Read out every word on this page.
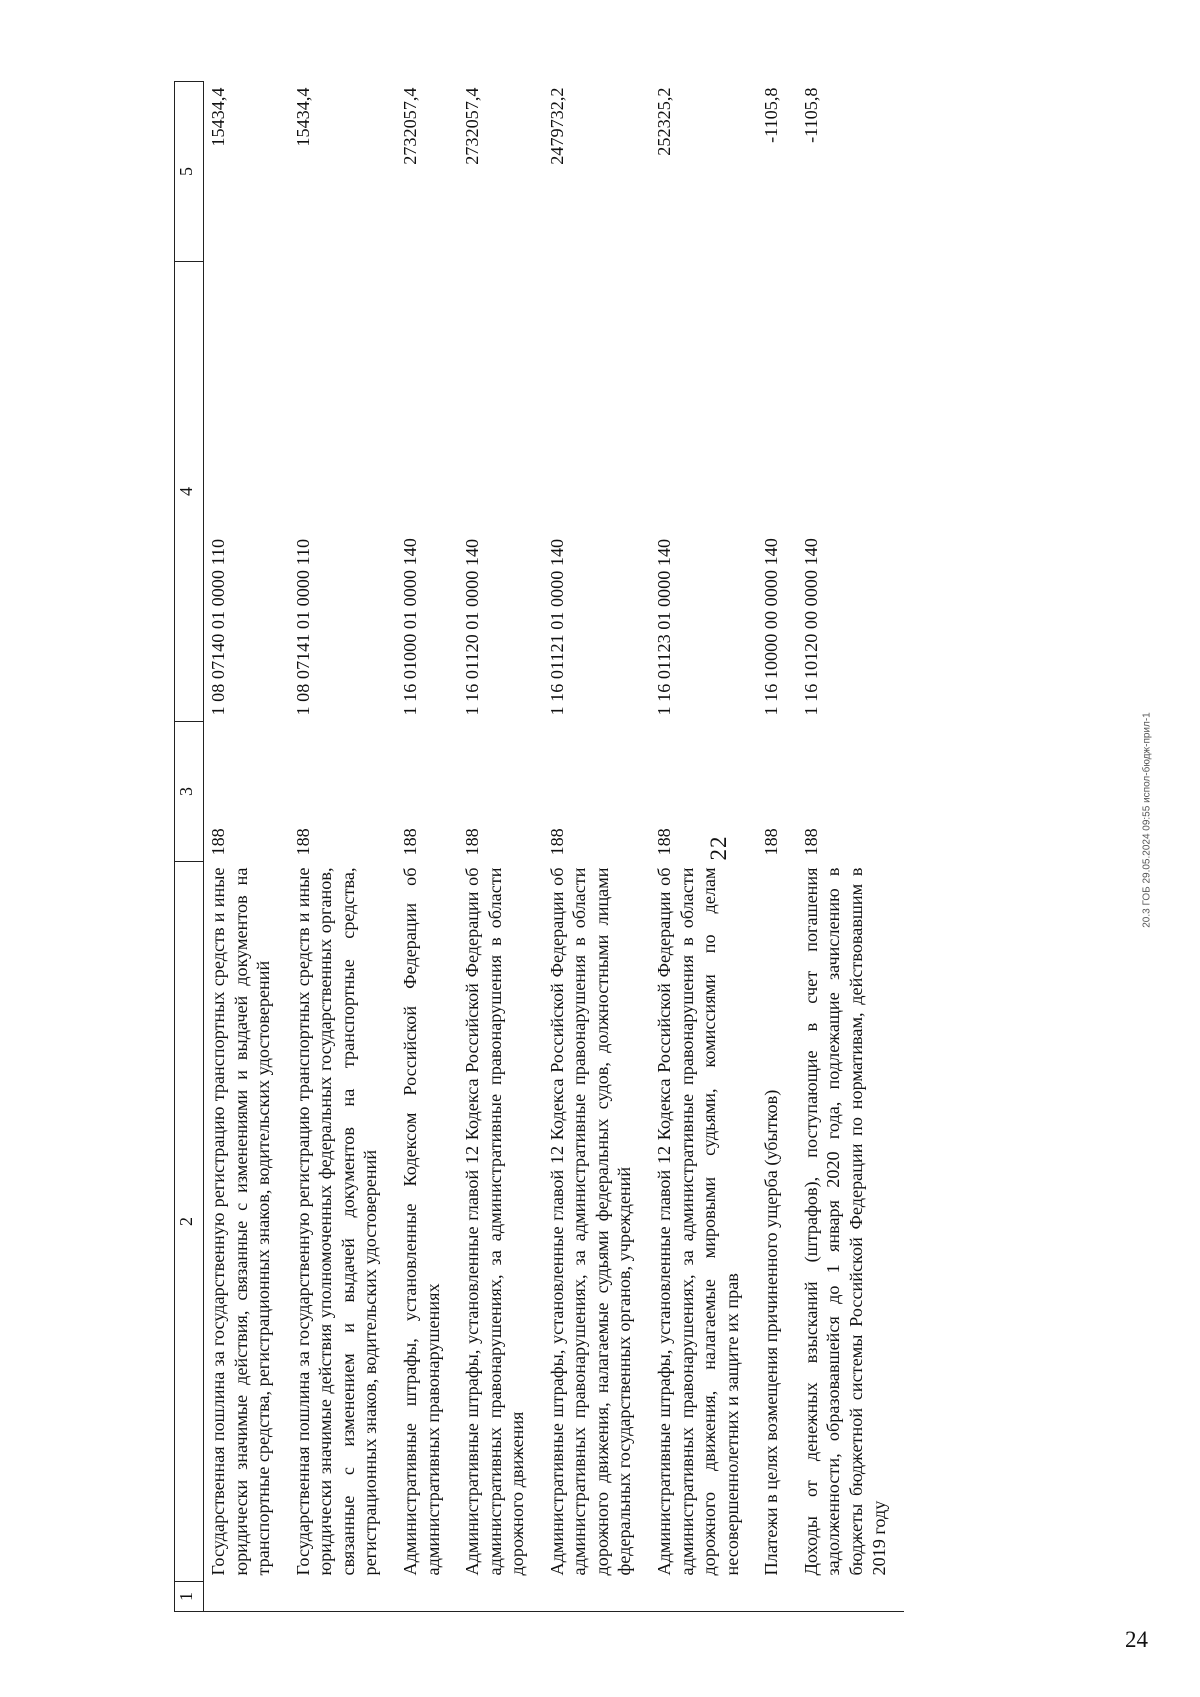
22
1	2	3	4	5
	Государственная пошлина за государственную регистрацию транспортных средств и иные юридически значимые действия, связанные с изменениями и выдачей документов на транспортные средства, регистрационных знаков, водительских удостоверений	188	1 08 07140 01 0000 110	15434,4
	Государственная пошлина за государственную регистрацию транспортных средств и иные юридически значимые действия уполномоченных федеральных государственных органов, связанные с изменением и выдачей документов на транспортные средства, регистрационных знаков, водительских удостоверений	188	1 08 07141 01 0000 110	15434,4
	Административные штрафы, установленные Кодексом Российской Федерации об административных правонарушениях	188	1 16 01000 01 0000 140	2732057,4
	Административные штрафы, установленные главой 12 Кодекса Российской Федерации об административных правонарушениях, за административные правонарушения в области дорожного движения	188	1 16 01120 01 0000 140	2732057,4
	Административные штрафы, установленные главой 12 Кодекса Российской Федерации об административных правонарушениях, за административные правонарушения в области дорожного движения, налагаемые судьями федеральных судов, должностными лицами федеральных государственных органов, учреждений	188	1 16 01121 01 0000 140	2479732,2
	Административные штрафы, установленные главой 12 Кодекса Российской Федерации об административных правонарушениях, за административные правонарушения в области дорожного движения, налагаемые мировыми судьями, комиссиями по делам несовершеннолетних и защите их прав	188	1 16 01123 01 0000 140	252325,2
	Платежи в целях возмещения причиненного ущерба (убытков)	188	1 16 10000 00 0000 140	-1105,8
	Доходы от денежных взысканий (штрафов), поступающие в счет погашения задолженности, образовавшейся до 1 января 2020 года, подлежащие зачислению в бюджеты бюджетной системы Российской Федерации по нормативам, действовавшим в 2019 году	188	1 16 10120 00 0000 140	-1105,8
20.3 ГОБ 29.05.2024 09:55 испол-бюдж-прил-1
24
